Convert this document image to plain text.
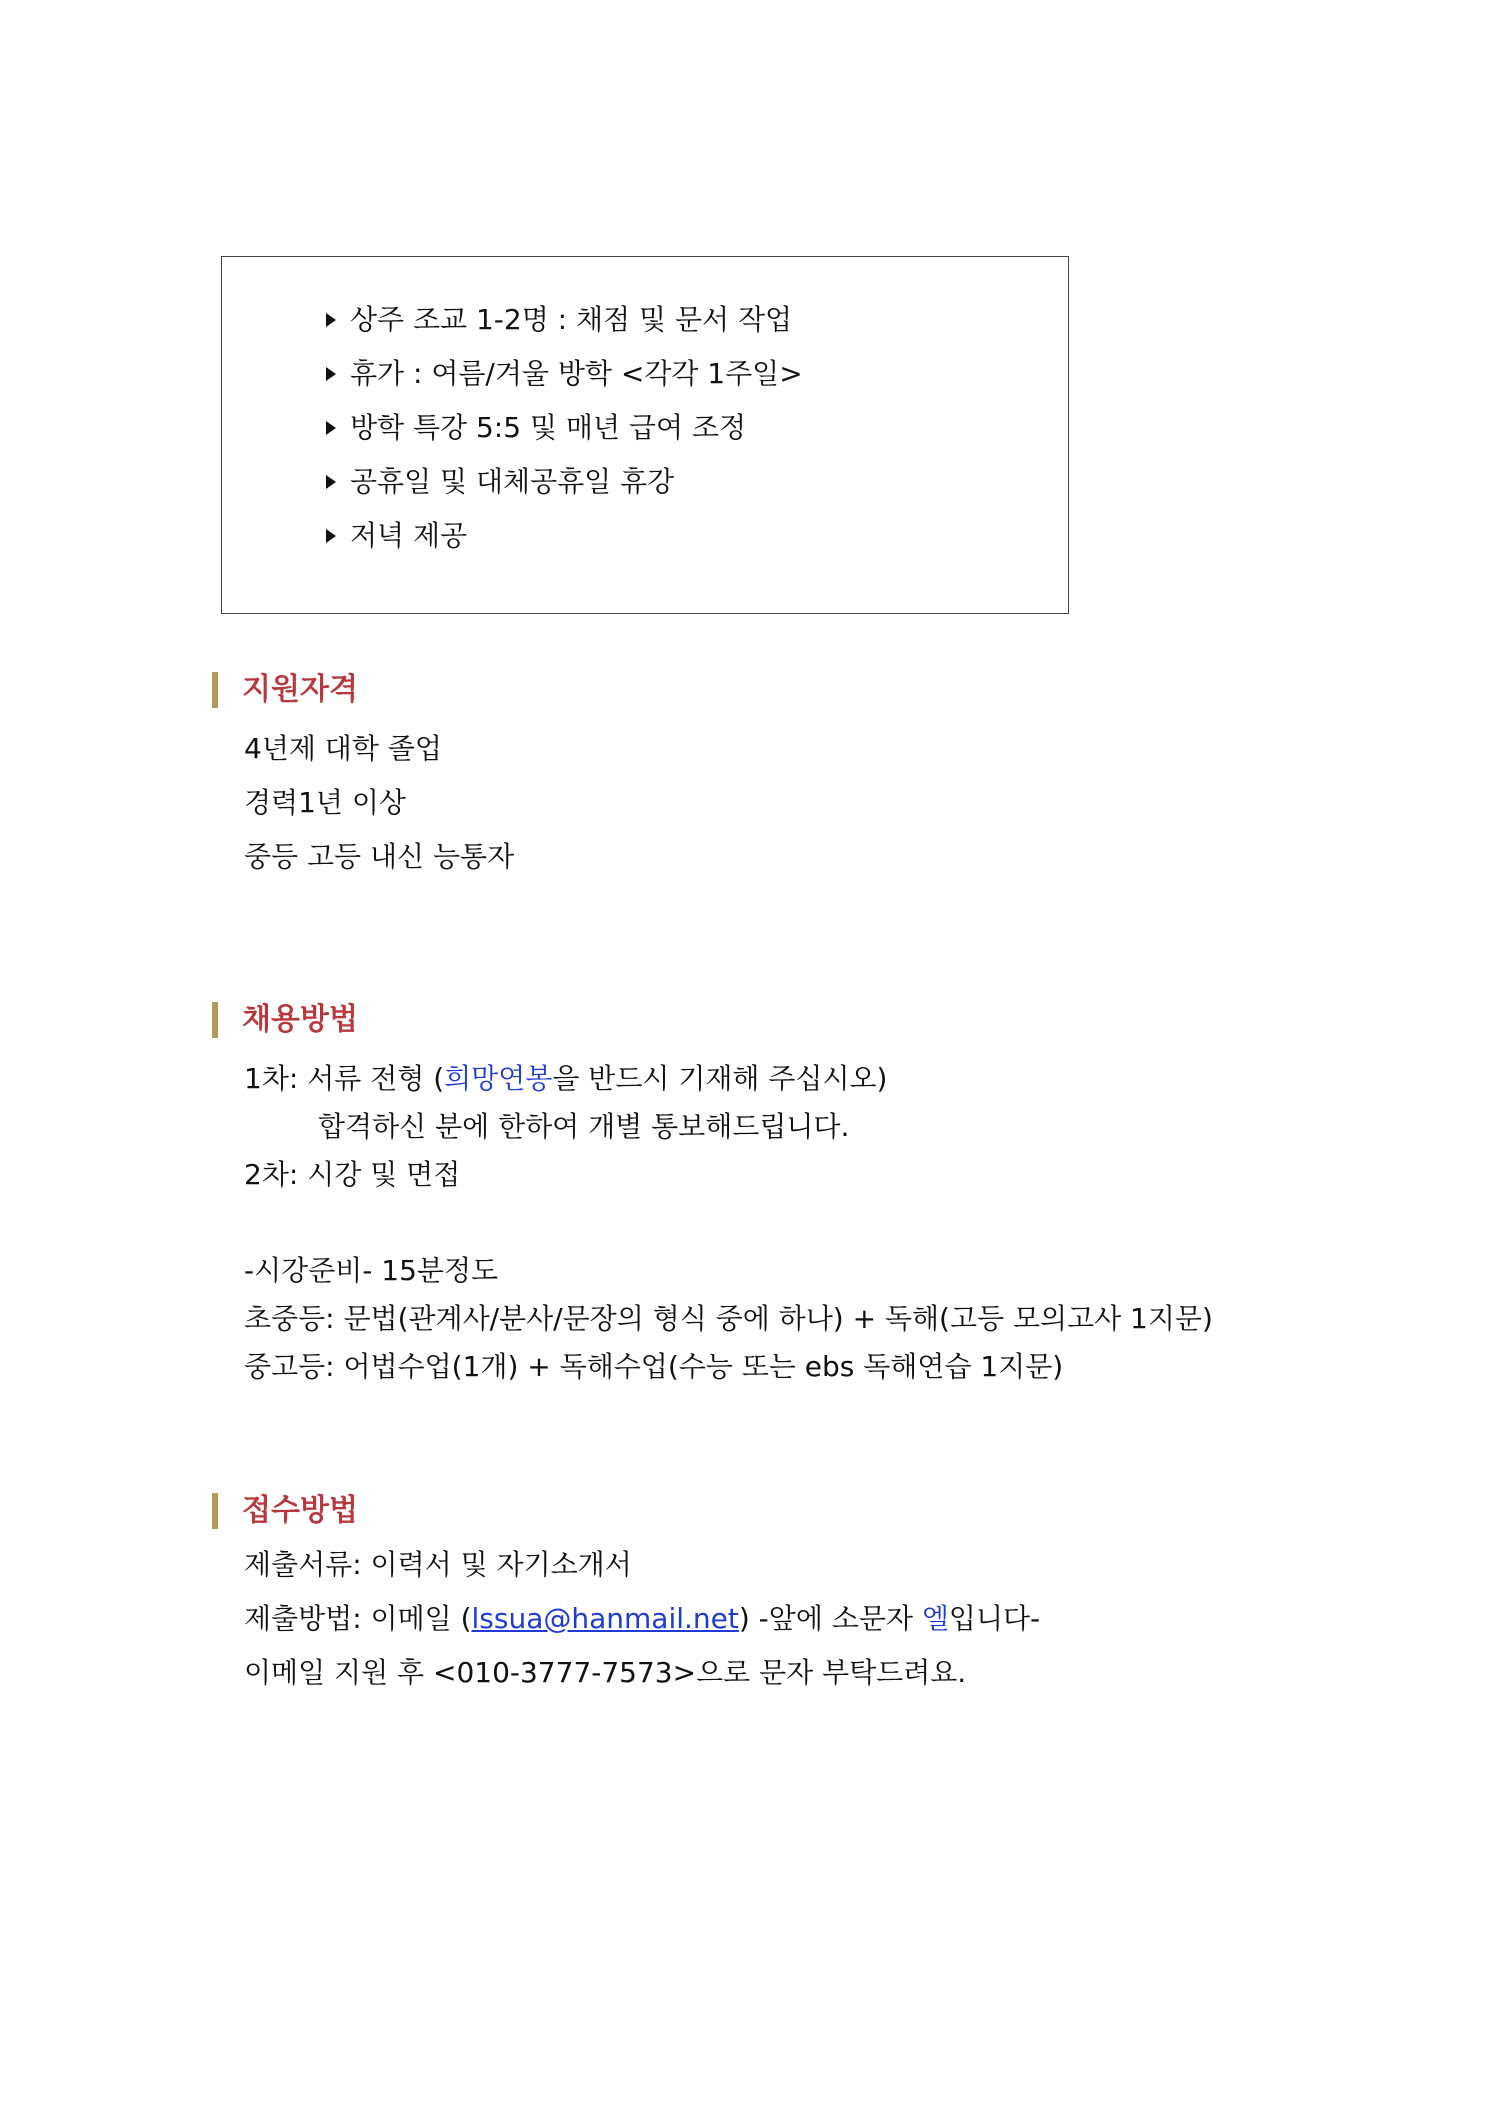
상주 조교 1-2명 : 채점 및 문서 작업
휴가 : 여름/겨울 방학 <각각 1주일>
방학 특강 5:5 및 매년 급여 조정
공휴일 및 대체공휴일 휴강
저녁 제공
지원자격
4년제 대학 졸업
경력1년 이상
중등 고등 내신 능통자
채용방법
1차: 서류 전형 (희망연봉을 반드시 기재해 주십시오)
합격하신 분에 한하여 개별 통보해드립니다.
2차: 시강 및 면접
-시강준비- 15분정도
초중등: 문법(관계사/분사/문장의 형식 중에 하나) + 독해(고등 모의고사 1지문)
중고등: 어법수업(1개) + 독해수업(수능 또는 ebs 독해연습 1지문)
접수방법
제출서류: 이력서 및 자기소개서
제출방법: 이메일 (lssua@hanmail.net) -앞에 소문자 엘입니다-
이메일 지원 후 <010-3777-7573>으로 문자 부탁드려요.
